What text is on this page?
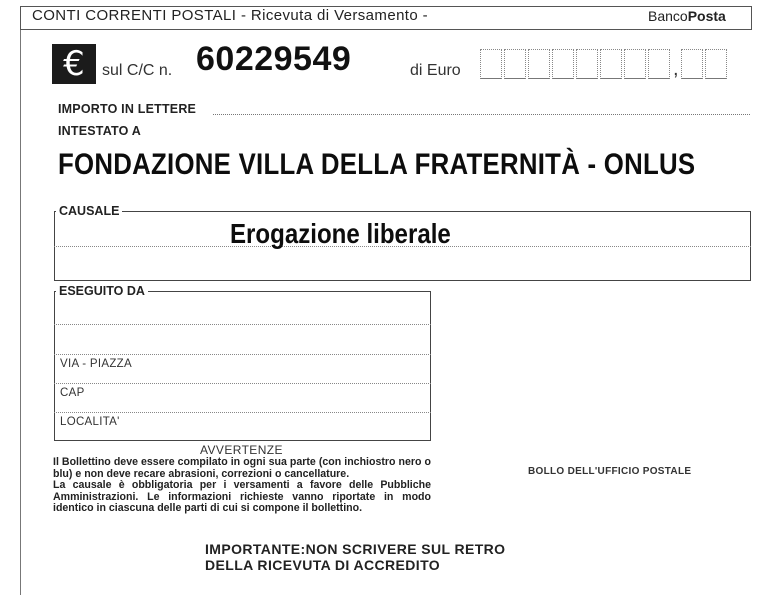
CONTI CORRENTI POSTALI - Ricevuta di Versamento -	BancoPosta
€	sul C/C n. 60229549	di Euro	,
IMPORTO IN LETTERE
INTESTATO A
FONDAZIONE VILLA DELLA FRATERNITÀ - ONLUS
CAUSALE
Erogazione liberale
ESEGUITO DA
VIA - PIAZZA
CAP
LOCALITA'
AVVERTENZE
Il Bollettino deve essere compilato in ogni sua parte (con inchiostro nero o blu) e non deve recare abrasioni, correzioni o cancellature.
La causale è obbligatoria per i versamenti a favore delle Pubbliche Amministrazioni. Le informazioni richieste vanno riportate in modo identico in ciascuna delle parti di cui si compone il bollettino.
BOLLO DELL'UFFICIO POSTALE
IMPORTANTE:NON SCRIVERE SUL RETRO
DELLA RICEVUTA DI ACCREDITO
